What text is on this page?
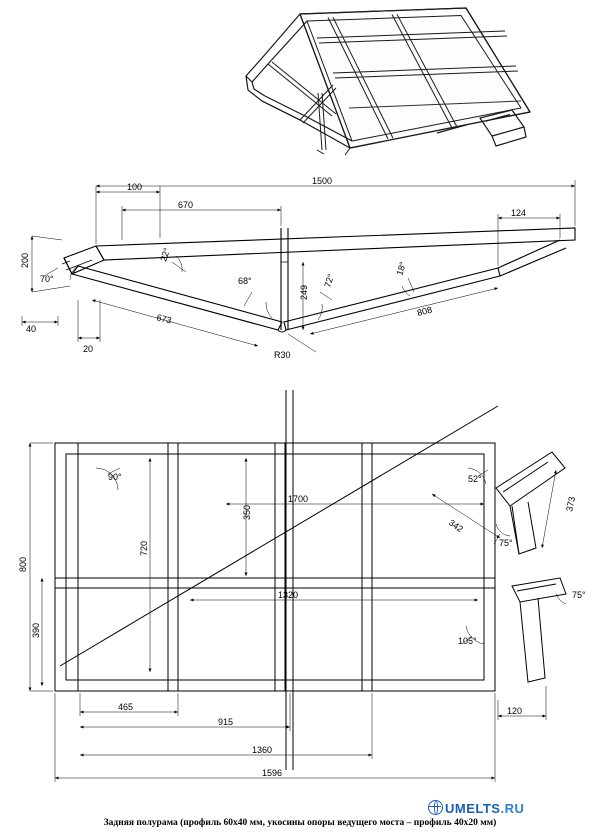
100
1500
670
124
200
70°
22°
68°	72°
18°
249
40
20
673
808
R30
90°
350
1700
52°
373
342
75°
800
720
390
1320	75°
105°
465
915
120
1360
1596
UMELTS.RU
Задняя полурама (профиль 60х40 мм, укосины опоры ведущего моста – профиль 40х20 мм)
